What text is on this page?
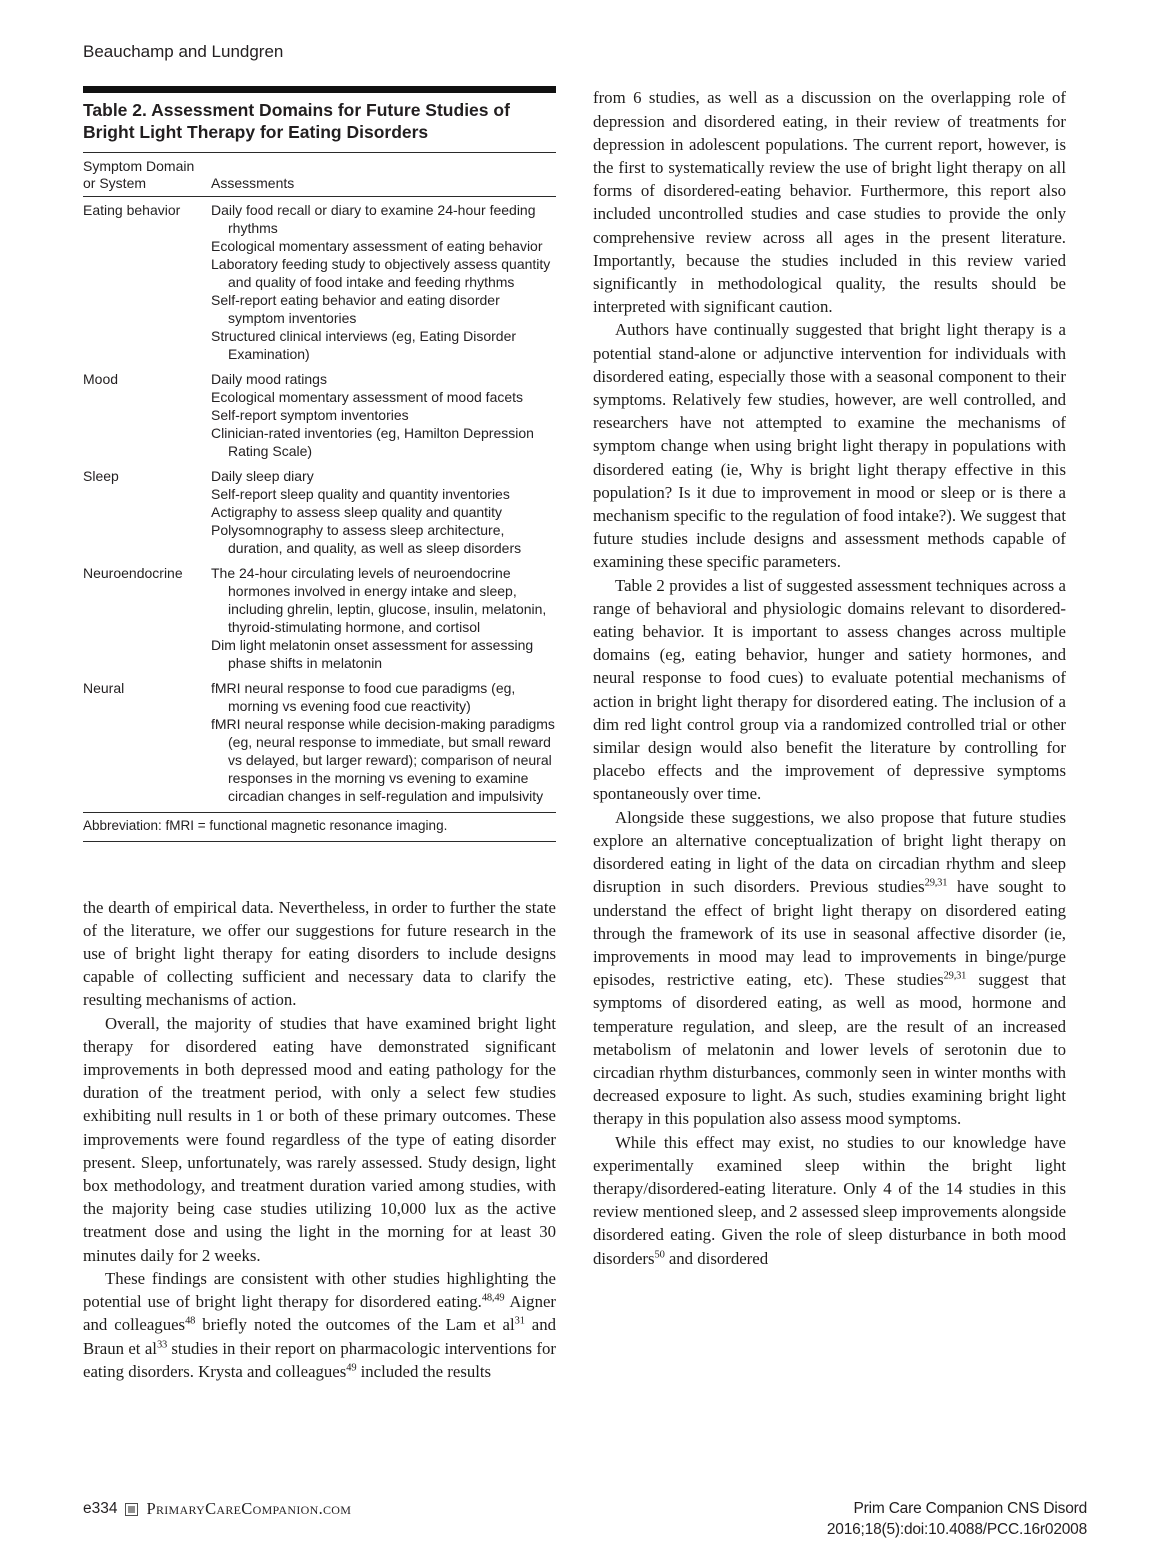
Beauchamp and Lundgren
Table 2. Assessment Domains for Future Studies of Bright Light Therapy for Eating Disorders
Symptom Domain or System	Assessments
Eating behavior	Daily food recall or diary to examine 24-hour feeding rhythms
Ecological momentary assessment of eating behavior
Laboratory feeding study to objectively assess quantity and quality of food intake and feeding rhythms
Self-report eating behavior and eating disorder symptom inventories
Structured clinical interviews (eg, Eating Disorder Examination)
Mood	Daily mood ratings
Ecological momentary assessment of mood facets
Self-report symptom inventories
Clinician-rated inventories (eg, Hamilton Depression Rating Scale)
Sleep	Daily sleep diary
Self-report sleep quality and quantity inventories
Actigraphy to assess sleep quality and quantity
Polysomnography to assess sleep architecture, duration, and quality, as well as sleep disorders
Neuroendocrine	The 24-hour circulating levels of neuroendocrine hormones involved in energy intake and sleep, including ghrelin, leptin, glucose, insulin, melatonin, thyroid-stimulating hormone, and cortisol
Dim light melatonin onset assessment for assessing phase shifts in melatonin
Neural	fMRI neural response to food cue paradigms (eg, morning vs evening food cue reactivity)
fMRI neural response while decision-making paradigms (eg, neural response to immediate, but small reward vs delayed, but larger reward); comparison of neural responses in the morning vs evening to examine circadian changes in self-regulation and impulsivity
Abbreviation: fMRI = functional magnetic resonance imaging.

the dearth of empirical data. Nevertheless, in order to further the state of the literature, we offer our suggestions for future research in the use of bright light therapy for eating disorders to include designs capable of collecting sufficient and necessary data to clarify the resulting mechanisms of action.

Overall, the majority of studies that have examined bright light therapy for disordered eating have demonstrated significant improvements in both depressed mood and eating pathology for the duration of the treatment period, with only a select few studies exhibiting null results in 1 or both of these primary outcomes. These improvements were found regardless of the type of eating disorder present. Sleep, unfortunately, was rarely assessed. Study design, light box methodology, and treatment duration varied among studies, with the majority being case studies utilizing 10,000 lux as the active treatment dose and using the light in the morning for at least 30 minutes daily for 2 weeks.

These findings are consistent with other studies highlighting the potential use of bright light therapy for disordered eating.$^{48,49}$ Aigner and colleagues$^{48}$ briefly noted the outcomes of the Lam et $al^{31}$ and Braun et $al^{33}$ studies in their report on pharmacologic interventions for eating disorders. Krysta and colleagues$^{49}$ included the results

from 6 studies, as well as a discussion on the overlapping role of depression and disordered eating, in their review of treatments for depression in adolescent populations. The current report, however, is the first to systematically review the use of bright light therapy on all forms of disordered-eating behavior. Furthermore, this report also included uncontrolled studies and case studies to provide the only comprehensive review across all ages in the present literature. Importantly, because the studies included in this review varied significantly in methodological quality, the results should be interpreted with significant caution.

Authors have continually suggested that bright light therapy is a potential stand-alone or adjunctive intervention for individuals with disordered eating, especially those with a seasonal component to their symptoms. Relatively few studies, however, are well controlled, and researchers have not attempted to examine the mechanisms of symptom change when using bright light therapy in populations with disordered eating (ie, Why is bright light therapy effective in this population? Is it due to improvement in mood or sleep or is there a mechanism specific to the regulation of food intake?). We suggest that future studies include designs and assessment methods capable of examining these specific parameters.

Table 2 provides a list of suggested assessment techniques across a range of behavioral and physiologic domains relevant to disordered-eating behavior. It is important to assess changes across multiple domains (eg, eating behavior, hunger and satiety hormones, and neural response to food cues) to evaluate potential mechanisms of action in bright light therapy for disordered eating. The inclusion of a dim red light control group via a randomized controlled trial or other similar design would also benefit the literature by controlling for placebo effects and the improvement of depressive symptoms spontaneously over time.

Alongside these suggestions, we also propose that future studies explore an alternative conceptualization of bright light therapy on disordered eating in light of the data on circadian rhythm and sleep disruption in such disorders. Previous studies$^{29,31}$ have sought to understand the effect of bright light therapy on disordered eating through the framework of its use in seasonal affective disorder (ie, improvements in mood may lead to improvements in binge/purge episodes, restrictive eating, etc). These studies$^{29,31}$ suggest that symptoms of disordered eating, as well as mood, hormone and temperature regulation, and sleep, are the result of an increased metabolism of melatonin and lower levels of serotonin due to circadian rhythm disturbances, commonly seen in winter months with decreased exposure to light. As such, studies examining bright light therapy in this population also assess mood symptoms.

While this effect may exist, no studies to our knowledge have experimentally examined sleep within the bright light therapy/disordered-eating literature. Only 4 of the 14 studies in this review mentioned sleep, and 2 assessed sleep improvements alongside disordered eating. Given the role of sleep disturbance in both mood disorders$^{50}$ and disordered

e334 PrimaryCareCompanion.com	Prim Care Companion CNS Disord
2016;18(5):doi:10.4088/PCC.16r02008
